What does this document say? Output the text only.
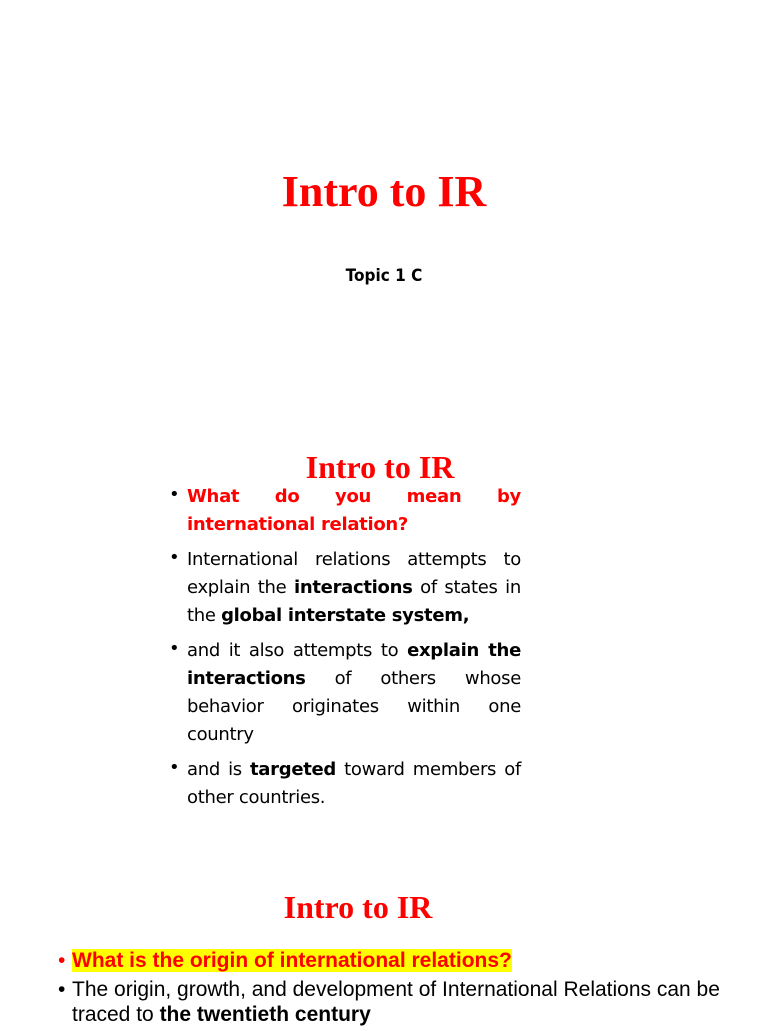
Intro to IR
Topic 1 C
Intro to IR
• What do you mean by international relation?
• International relations attempts to explain the interactions of states in the global interstate system,
• and it also attempts to explain the interactions of others whose behavior originates within one country
• and is targeted toward members of other countries.
Intro to IR
• What is the origin of international relations?
• The origin, growth, and development of International Relations can be traced to the twentieth century
